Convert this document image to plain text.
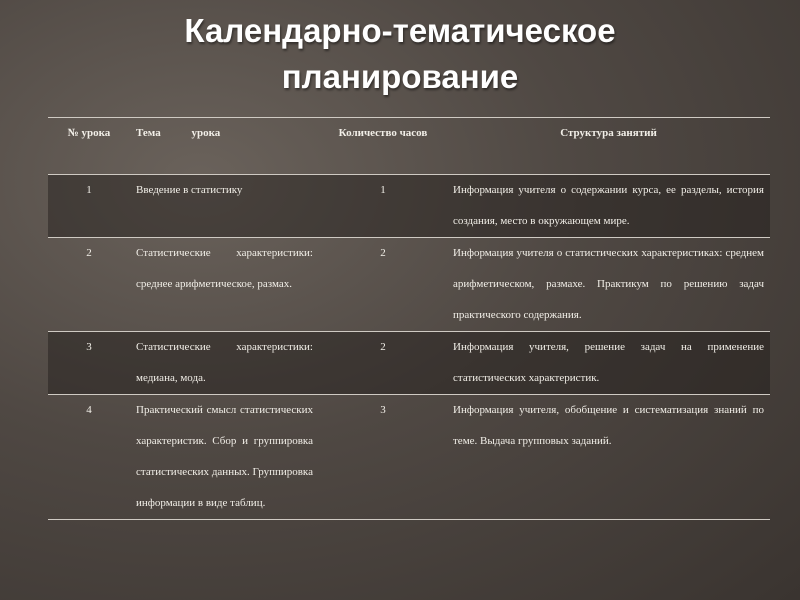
Календарно-тематическое
планирование
№ урока	Тема урока	Количество часов	Структура занятий
1	Введение в статистику	1	Информация учителя о содержании курса, ее разделы, история создания, место в окружающем мире.
2	Статистические характеристики: среднее арифметическое, размах.	2	Информация учителя о статистических характеристиках: среднем арифметическом, размахе. Практикум по решению задач практического содержания.
3	Статистические характеристики: медиана, мода.	2	Информация учителя, решение задач на применение статистических характеристик.
4	Практический смысл статистических характеристик. Сбор и группировка статистических данных. Группировка информации в виде таблиц.	3	Информация учителя, обобщение и систематизация знаний по теме. Выдача групповых заданий.
